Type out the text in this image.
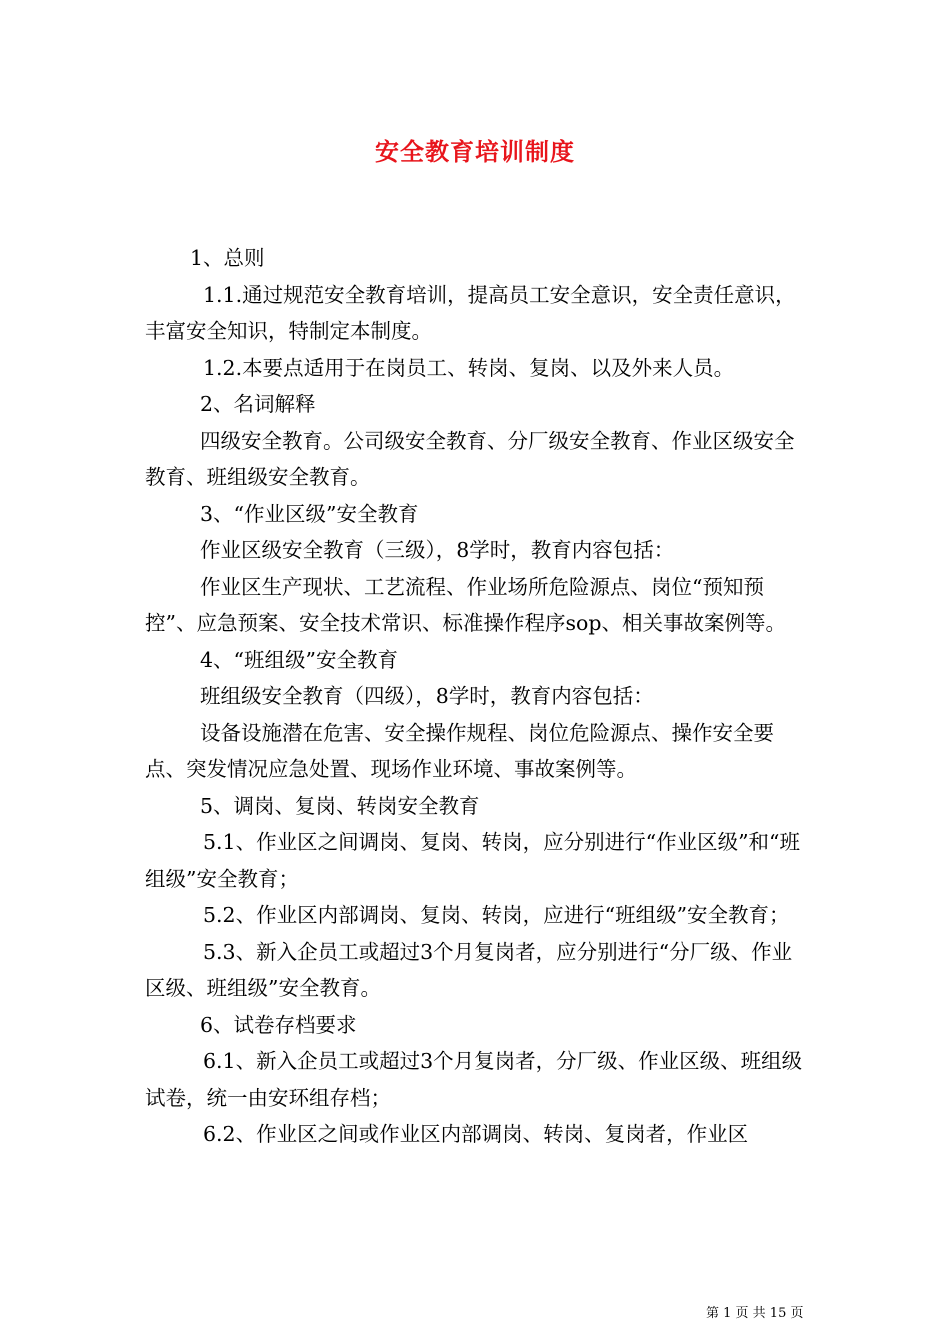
安全教育培训制度

1、总则

1.1.通过规范安全教育培训，提高员工安全意识，安全责任意识，丰富安全知识，特制定本制度。

1.2.本要点适用于在岗员工、转岗、复岗、以及外来人员。

2、名词解释

四级安全教育。公司级安全教育、分厂级安全教育、作业区级安全教育、班组级安全教育。

3、“作业区级”安全教育

作业区级安全教育（三级），8学时，教育内容包括：

作业区生产现状、工艺流程、作业场所危险源点、岗位“预知预控”、应急预案、安全技术常识、标准操作程序sop、相关事故案例等。

4、“班组级”安全教育

班组级安全教育（四级），8学时，教育内容包括：

设备设施潜在危害、安全操作规程、岗位危险源点、操作安全要点、突发情况应急处置、现场作业环境、事故案例等。

5、调岗、复岗、转岗安全教育

5.1、作业区之间调岗、复岗、转岗，应分别进行“作业区级”和“班组级”安全教育；

5.2、作业区内部调岗、复岗、转岗，应进行“班组级”安全教育；

5.3、新入企员工或超过3个月复岗者，应分别进行“分厂级、作业区级、班组级”安全教育。

6、试卷存档要求

6.1、新入企员工或超过3个月复岗者，分厂级、作业区级、班组级试卷，统一由安环组存档；

6.2、作业区之间或作业区内部调岗、转岗、复岗者，作业区

第 1 页 共 15 页
